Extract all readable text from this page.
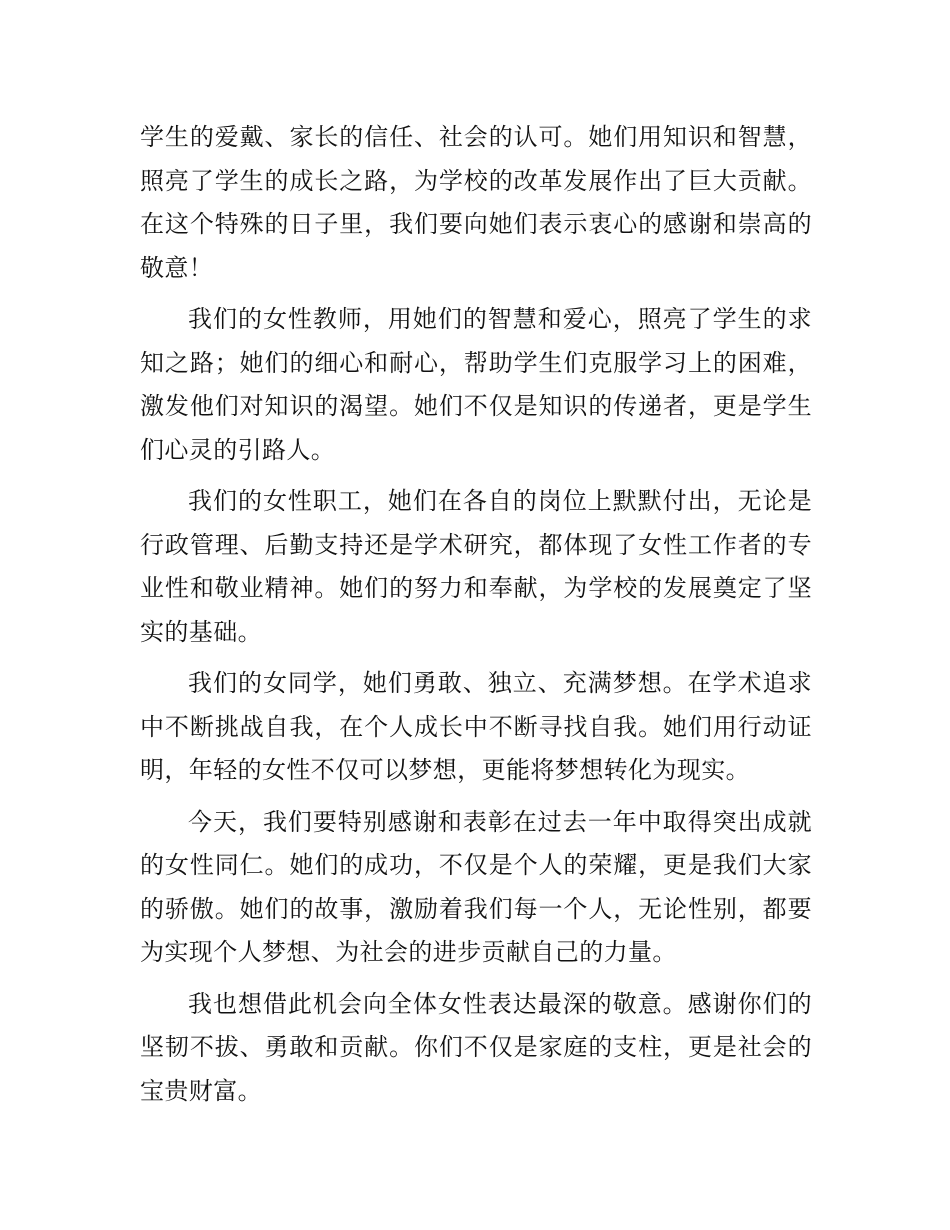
学生的爱戴、家长的信任、社会的认可。她们用知识和智慧，照亮了学生的成长之路，为学校的改革发展作出了巨大贡献。在这个特殊的日子里，我们要向她们表示衷心的感谢和崇高的敬意！

我们的女性教师，用她们的智慧和爱心，照亮了学生的求知之路；她们的细心和耐心，帮助学生们克服学习上的困难，激发他们对知识的渴望。她们不仅是知识的传递者，更是学生们心灵的引路人。

我们的女性职工，她们在各自的岗位上默默付出，无论是行政管理、后勤支持还是学术研究，都体现了女性工作者的专业性和敬业精神。她们的努力和奉献，为学校的发展奠定了坚实的基础。

我们的女同学，她们勇敢、独立、充满梦想。在学术追求中不断挑战自我，在个人成长中不断寻找自我。她们用行动证明，年轻的女性不仅可以梦想，更能将梦想转化为现实。

今天，我们要特别感谢和表彰在过去一年中取得突出成就的女性同仁。她们的成功，不仅是个人的荣耀，更是我们大家的骄傲。她们的故事，激励着我们每一个人，无论性别，都要为实现个人梦想、为社会的进步贡献自己的力量。

我也想借此机会向全体女性表达最深的敬意。感谢你们的坚韧不拔、勇敢和贡献。你们不仅是家庭的支柱，更是社会的宝贵财富。
